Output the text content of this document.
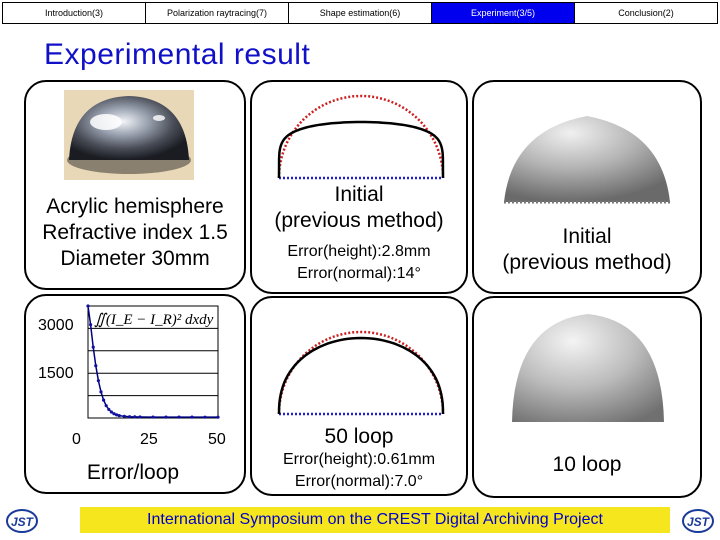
Introduction(3)	Polarization raytracing(7)	Shape estimation(6)	Experiment(3/5)	Conclusion(2)
Experimental result
Acrylic hemisphere
Refractive index 1.5
Diameter 30mm
∬(I_E − I_R)² dxdy
3000
1500
0	25	50
Error/loop
Initial
(previous method)
Error(height):2.8mm
Error(normal):14°
50 loop
Error(height):0.61mm
Error(normal):7.0°
Initial
(previous method)
10 loop
International Symposium on the CREST Digital Archiving Project
JST	JST
